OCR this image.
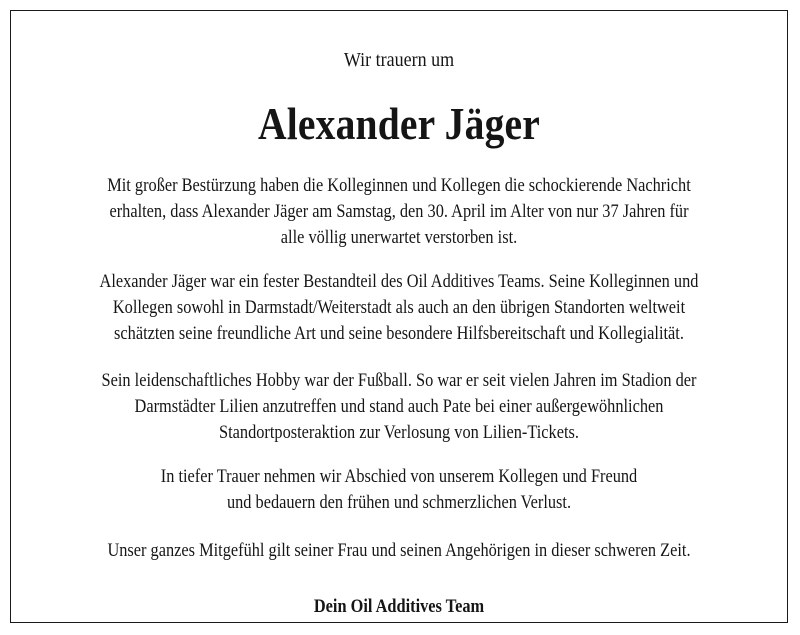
Wir trauern um
Alexander Jäger
Mit großer Bestürzung haben die Kolleginnen und Kollegen die schockierende Nachricht
erhalten, dass Alexander Jäger am Samstag, den 30. April im Alter von nur 37 Jahren für
alle völlig unerwartet verstorben ist.
Alexander Jäger war ein fester Bestandteil des Oil Additives Teams. Seine Kolleginnen und
Kollegen sowohl in Darmstadt/Weiterstadt als auch an den übrigen Standorten weltweit
schätzten seine freundliche Art und seine besondere Hilfsbereitschaft und Kollegialität.
Sein leidenschaftliches Hobby war der Fußball. So war er seit vielen Jahren im Stadion der
Darmstädter Lilien anzutreffen und stand auch Pate bei einer außergewöhnlichen
Standortposteraktion zur Verlosung von Lilien-Tickets.
In tiefer Trauer nehmen wir Abschied von unserem Kollegen und Freund
und bedauern den frühen und schmerzlichen Verlust.
Unser ganzes Mitgefühl gilt seiner Frau und seinen Angehörigen in dieser schweren Zeit.
Dein Oil Additives Team
